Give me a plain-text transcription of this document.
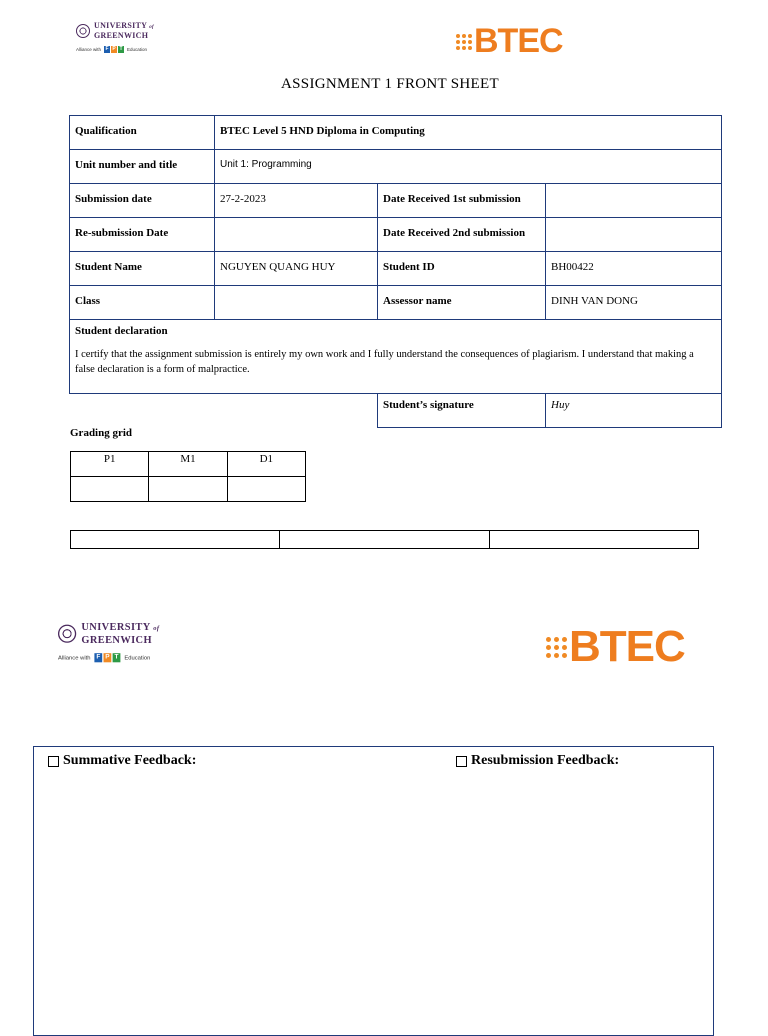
UNIVERSITY of
GREENWICH
Alliance with F P T Education	BTEC
ASSIGNMENT 1 FRONT SHEET
Qualification	BTEC Level 5 HND Diploma in Computing		
Unit number and title	Unit 1: Programming		
Submission date	27-2-2023	Date Received 1st submission	
Re-submission Date		Date Received 2nd submission	
Student Name	NGUYEN QUANG HUY	Student ID	BH00422
Class		Assessor name	DINH VAN DONG

Student declaration
I certify that the assignment submission is entirely my own work and I fully understand the consequences of plagiarism. I understand that making a false declaration is a form of malpractice.			

		Student’s signature	Huy
Grading grid
P1	M1	D1

UNIVERSITY of
GREENWICH
Alliance with	F P T	Education	BTEC
Summative Feedback:	Resubmission Feedback:
